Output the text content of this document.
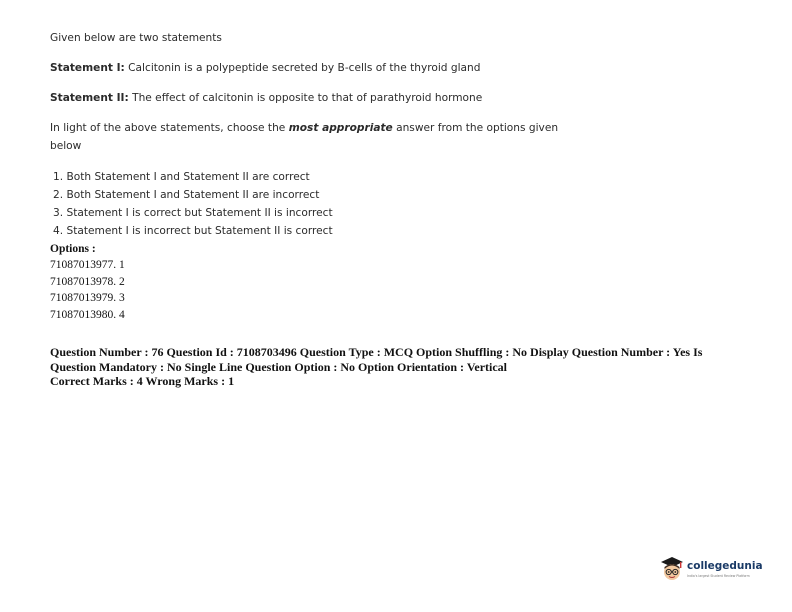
Given below are two statements
Statement I: Calcitonin is a polypeptide secreted by B-cells of the thyroid gland
Statement II: The effect of calcitonin is opposite to that of parathyroid hormone
In light of the above statements, choose the most appropriate answer from the options given
below
1. Both Statement I and Statement II are correct
2. Both Statement I and Statement II are incorrect
3. Statement I is correct but Statement II is incorrect
4. Statement I is incorrect but Statement II is correct
Options :
71087013977. 1
71087013978. 2
71087013979. 3
71087013980. 4
Question Number : 76 Question Id : 7108703496 Question Type : MCQ Option Shuffling : No Display Question Number : Yes Is
Question Mandatory : No Single Line Question Option : No Option Orientation : Vertical
Correct Marks : 4 Wrong Marks : 1
collegedunia
India's largest Student Review Platform
